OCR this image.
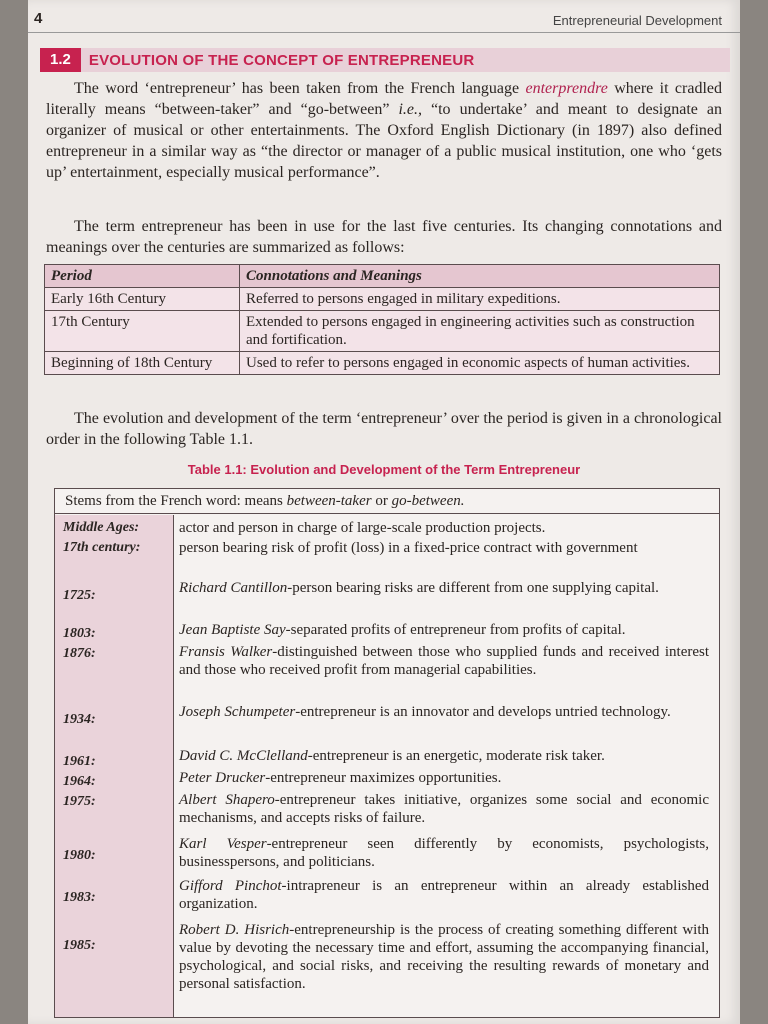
4	Entrepreneurial Development
1.2	EVOLUTION OF THE CONCEPT OF ENTREPRENEUR

The word ‘entrepreneur’ has been taken from the French language enterprendre where it cradled literally means “between-taker” and “go-between” i.e., “to undertake’ and meant to designate an organizer of musical or other entertainments. The Oxford English Dictionary (in 1897) also defined entrepreneur in a similar way as “the director or manager of a public musical institution, one who ‘gets up’ entertainment, especially musical performance”.

The term entrepreneur has been in use for the last five centuries. Its changing connotations and meanings over the centuries are summarized as follows:

Period	Connotations and Meanings
Early 16th Century	Referred to persons engaged in military expeditions.
17th Century	Extended to persons engaged in engineering activities such as construction and fortification.
Beginning of 18th Century	Used to refer to persons engaged in economic aspects of human activities.

The evolution and development of the term ‘entrepreneur’ over the period is given in a chronological order in the following Table 1.1.

Table 1.1: Evolution and Development of the Term Entrepreneur
Stems from the French word: means between-taker or go-between.
Middle Ages:	actor and person in charge of large-scale production projects.
17th century:	person bearing risk of profit (loss) in a fixed-price contract with government
1725:	Richard Cantillon-person bearing risks are different from one supplying capital.
1803:	Jean Baptiste Say-separated profits of entrepreneur from profits of capital.
1876:	Fransis Walker-distinguished between those who supplied funds and received interest and those who received profit from managerial capabilities.
1934:	Joseph Schumpeter-entrepreneur is an innovator and develops untried technology.
1961:	David C. McClelland-entrepreneur is an energetic, moderate risk taker.
1964:	Peter Drucker-entrepreneur maximizes opportunities.
1975:	Albert Shapero-entrepreneur takes initiative, organizes some social and economic mechanisms, and accepts risks of failure.
1980:
Karl Vesper-entrepreneur seen differently by economists, psychologists, businesspersons, and politicians.
1983:
Gifford Pinchot-intrapreneur is an entrepreneur within an already established organization.
1985:
Robert D. Hisrich-entrepreneurship is the process of creating something different with value by devoting the necessary time and effort, assuming the accompanying financial, psychological, and social risks, and receiving the resulting rewards of monetary and personal satisfaction.
